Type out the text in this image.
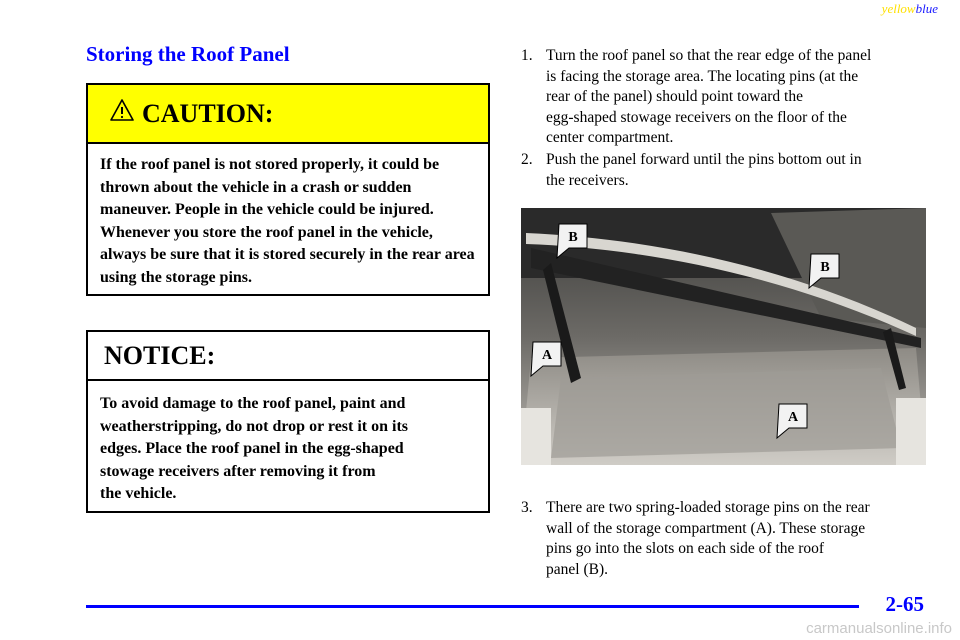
yellowblue
Storing the Roof Panel
CAUTION:
If the roof panel is not stored properly, it could be thrown about the vehicle in a crash or sudden maneuver. People in the vehicle could be injured. Whenever you store the roof panel in the vehicle, always be sure that it is stored securely in the rear area using the storage pins.
NOTICE:
To avoid damage to the roof panel, paint and
weatherstripping, do not drop or rest it on its
edges. Place the roof panel in the egg-shaped
stowage receivers after removing it from
the vehicle.
1. Turn the roof panel so that the rear edge of the panel
is facing the storage area. The locating pins (at the
rear of the panel) should point toward the
egg-shaped stowage receivers on the floor of the
center compartment.
2. Push the panel forward until the pins bottom out in
the receivers.
B
B
A
A
3. There are two spring-loaded storage pins on the rear
wall of the storage compartment (A). These storage
pins go into the slots on each side of the roof
panel (B).
2-65
carmanualsonline.info
